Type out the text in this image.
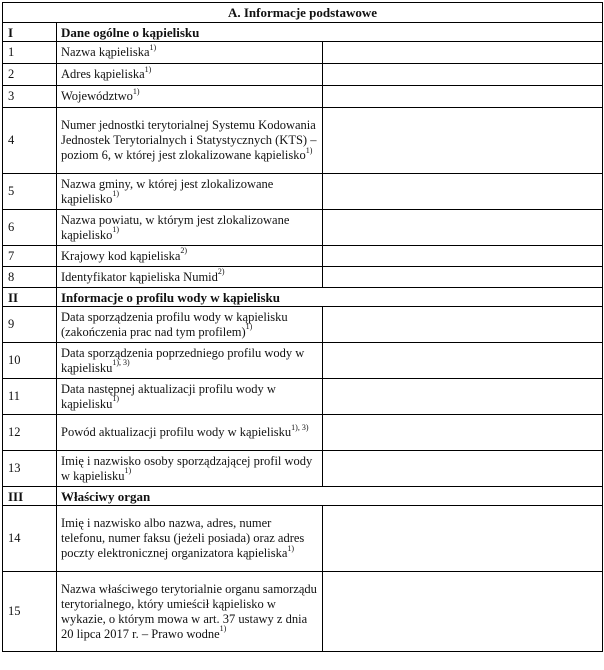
A. Informacje podstawowe		
I	Dane ogólne o kąpielisku	
1	Nazwa kąpieliska$^{1)}$	
2	Adres kąpieliska$^{1)}$	
3	Województwo$^{1)}$	
4	Numer jednostki terytorialnej Systemu Kodowania Jednostek Terytorialnych i Statystycznych (KTS) – poziom 6, w której jest zlokalizowane kąpielisko$^{1)}$	
5	Nazwa gminy, w której jest zlokalizowane kąpielisko$^{1)}$	
6	Nazwa powiatu, w którym jest zlokalizowane kąpielisko$^{1)}$	
7	Krajowy kod kąpieliska$^{2)}$	
8	Identyfikator kąpieliska Numid$^{2)}$	
II	Informacje o profilu wody w kąpielisku	
9	Data sporządzenia profilu wody w kąpielisku (zakończenia prac nad tym profilem)$^{1)}$	
10	Data sporządzenia poprzedniego profilu wody w kąpielisku$^{1), 3)}$	
11	Data następnej aktualizacji profilu wody w kąpielisku$^{1)}$	
12	Powód aktualizacji profilu wody w kąpielisku$^{1), 3)}$	
13	Imię i nazwisko osoby sporządzającej profil wody w kąpielisku$^{1)}$	
III	Właściwy organ	
14	Imię i nazwisko albo nazwa, adres, numer telefonu, numer faksu (jeżeli posiada) oraz adres poczty elektronicznej organizatora kąpieliska$^{1)}$	
15	Nazwa właściwego terytorialnie organu samorządu terytorialnego, który umieścił kąpielisko w wykazie, o którym mowa w art. 37 ustawy z dnia 20 lipca 2017 r. – Prawo wodne$^{1)}$	
